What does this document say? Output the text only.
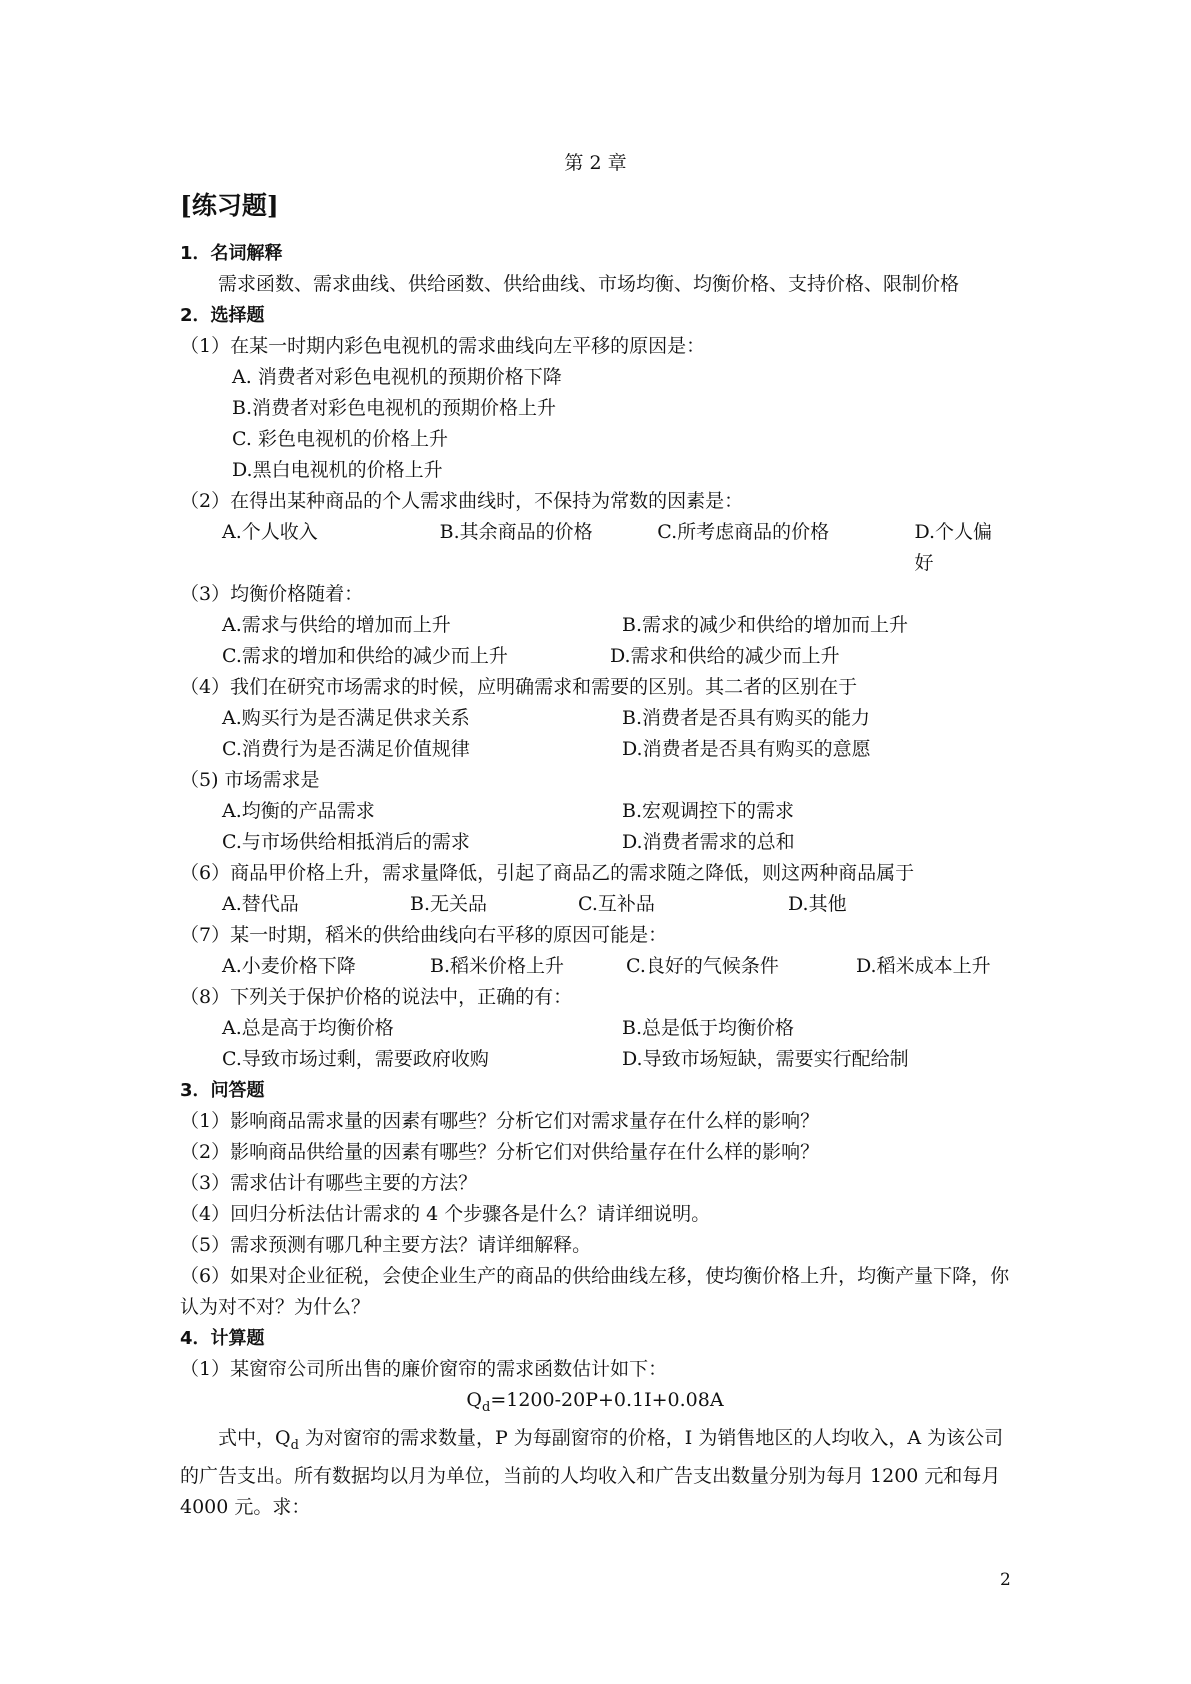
第 2 章
[练习题]
1．名词解释
需求函数、需求曲线、供给函数、供给曲线、市场均衡、均衡价格、支持价格、限制价格
2．选择题
（1）在某一时期内彩色电视机的需求曲线向左平移的原因是：
A. 消费者对彩色电视机的预期价格下降
B.消费者对彩色电视机的预期价格上升
C. 彩色电视机的价格上升
D.黑白电视机的价格上升
（2）在得出某种商品的个人需求曲线时，不保持为常数的因素是：
A.个人收入	B.其余商品的价格	C.所考虑商品的价格	D.个人偏好
（3）均衡价格随着：
A.需求与供给的增加而上升	B.需求的减少和供给的增加而上升
C.需求的增加和供给的减少而上升	D.需求和供给的减少而上升
（4）我们在研究市场需求的时候，应明确需求和需要的区别。其二者的区别在于
A.购买行为是否满足供求关系	B.消费者是否具有购买的能力
C.消费行为是否满足价值规律	D.消费者是否具有购买的意愿
（5) 市场需求是
A.均衡的产品需求	B.宏观调控下的需求
C.与市场供给相抵消后的需求	D.消费者需求的总和
（6）商品甲价格上升，需求量降低，引起了商品乙的需求随之降低，则这两种商品属于
A.替代品	B.无关品	C.互补品	D.其他
（7）某一时期，稻米的供给曲线向右平移的原因可能是：
A.小麦价格下降	B.稻米价格上升	C.良好的气候条件	D.稻米成本上升
（8）下列关于保护价格的说法中，正确的有：
A.总是高于均衡价格	B.总是低于均衡价格
C.导致市场过剩，需要政府收购	D.导致市场短缺，需要实行配给制
3．问答题
（1）影响商品需求量的因素有哪些？分析它们对需求量存在什么样的影响？
（2）影响商品供给量的因素有哪些？分析它们对供给量存在什么样的影响？
（3）需求估计有哪些主要的方法？
（4）回归分析法估计需求的 4 个步骤各是什么？请详细说明。
（5）需求预测有哪几种主要方法？请详细解释。
（6）如果对企业征税，会使企业生产的商品的供给曲线左移，使均衡价格上升，均衡产量下降，你认为对不对？为什么？
4．计算题
（1）某窗帘公司所出售的廉价窗帘的需求函数估计如下：
$Q_d=1200-20P+0.1I+0.08A$
式中，$Q_d$ 为对窗帘的需求数量，P 为每副窗帘的价格，I 为销售地区的人均收入，A 为该公司的广告支出。所有数据均以月为单位，当前的人均收入和广告支出数量分别为每月 1200 元和每月 4000 元。求：
2
